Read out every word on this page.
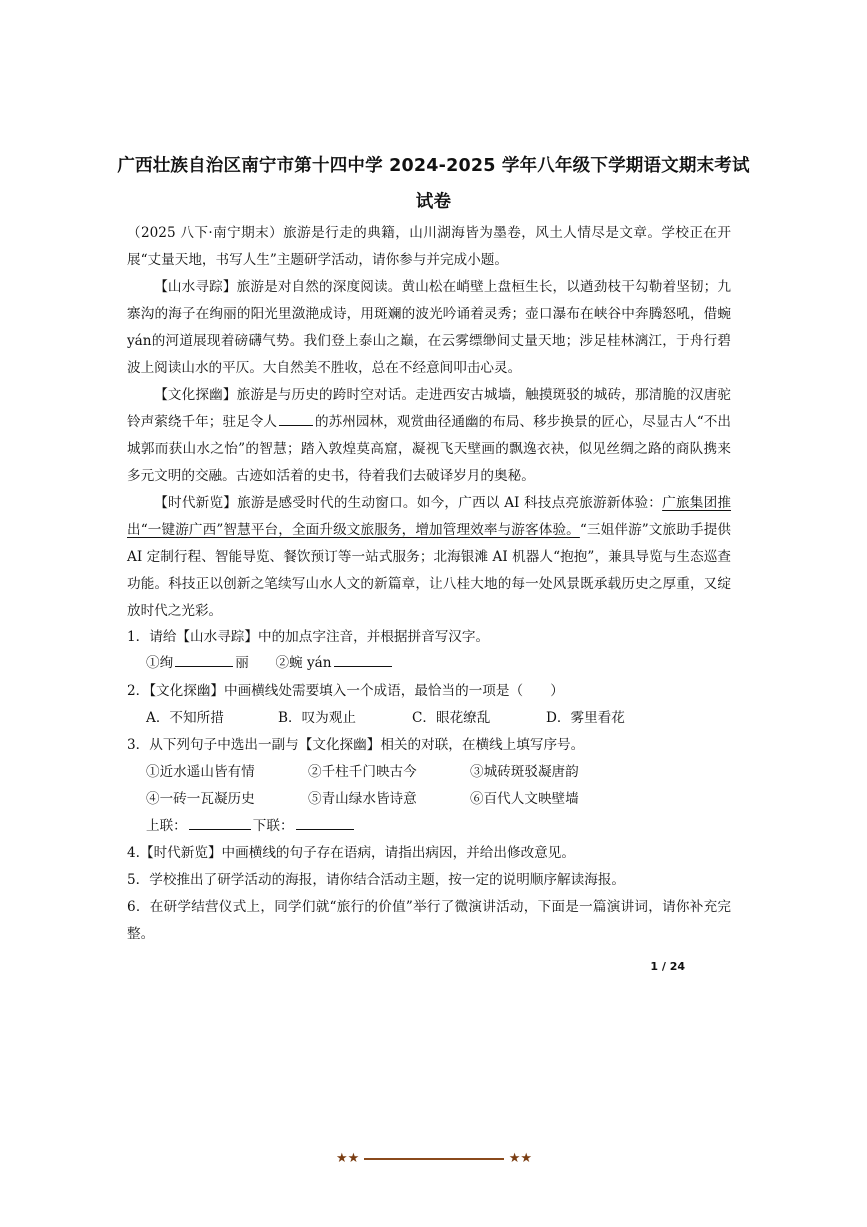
广西壮族自治区南宁市第十四中学 2024-2025 学年八年级下学期语文期末考试
试卷
（2025 八下·南宁期末）旅游是行走的典籍，山川湖海皆为墨卷，风土人情尽是文章。学校正在开展“丈量天地，书写人生”主题研学活动，请你参与并完成小题。
【山水寻踪】旅游是对自然的深度阅读。黄山松在峭壁上盘桓生长，以遒劲枝干勾勒着坚韧；九寨沟的海子在绚丽的阳光里潋滟成诗，用斑斓的波光吟诵着灵秀；壶口瀑布在峡谷中奔腾怒吼，借蜿yán的河道展现着磅礴气势。我们登上泰山之巅，在云雾缥缈间丈量天地；涉足桂林漓江，于舟行碧波上阅读山水的平仄。大自然美不胜收，总在不经意间叩击心灵。
【文化探幽】旅游是与历史的跨时空对话。走进西安古城墙，触摸斑驳的城砖，那清脆的汉唐驼铃声萦绕千年；驻足令人	的苏州园林，观赏曲径通幽的布局、移步换景的匠心，尽显古人“不出城郭而获山水之怡”的智慧；踏入敦煌莫高窟，凝视飞天壁画的飘逸衣袂，似见丝绸之路的商队携来多元文明的交融。古迹如活着的史书，待着我们去破译岁月的奥秘。
【时代新览】旅游是感受时代的生动窗口。如今，广西以 AI 科技点亮旅游新体验：广旅集团推出“一键游广西”智慧平台，全面升级文旅服务，增加管理效率与游客体验。“三姐伴游”文旅助手提供 AI 定制行程、智能导览、餐饮预订等一站式服务；北海银滩 AI 机器人“抱抱”，兼具导览与生态巡查功能。科技正以创新之笔续写山水人文的新篇章，让八桂大地的每一处风景既承载历史之厚重，又绽放时代之光彩。
1．请给【山水寻踪】中的加点字注音，并根据拼音写汉字。
①绚	丽 ②蜿 yán
2．【文化探幽】中画横线处需要填入一个成语，最恰当的一项是（　　）
A．不知所措	B．叹为观止	C．眼花缭乱	D．雾里看花
3．从下列句子中选出一副与【文化探幽】相关的对联，在横线上填写序号。
①近水遥山皆有情	②千柱千门映古今	③城砖斑驳凝唐韵
④一砖一瓦凝历史	⑤青山绿水皆诗意	⑥百代人文映壁墙
上联：	下联：
4.【时代新览】中画横线的句子存在语病，请指出病因，并给出修改意见。
5．学校推出了研学活动的海报，请你结合活动主题，按一定的说明顺序解读海报。
6．在研学结营仪式上，同学们就“旅行的价值”举行了微演讲活动，下面是一篇演讲词，请你补充完整。
1 / 24
★★	★★
